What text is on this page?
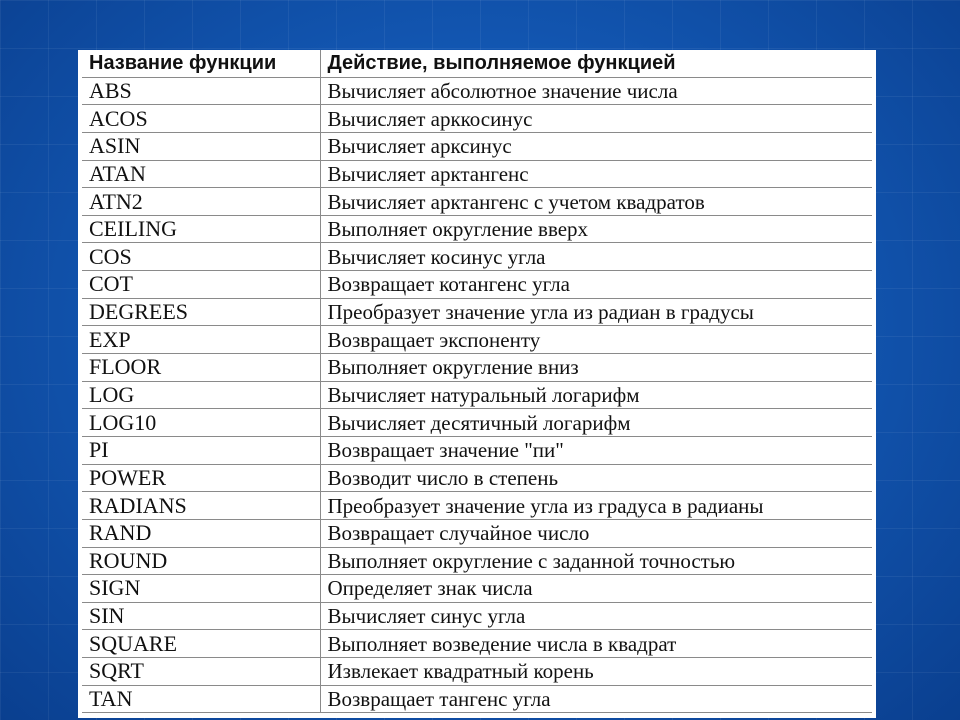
Название функции	Действие, выполняемое функцией
ABS	Вычисляет абсолютное значение числа
ACOS	Вычисляет арккосинус
ASIN	Вычисляет арксинус
ATAN	Вычисляет арктангенс
ATN2	Вычисляет арктангенс с учетом квадратов
CEILING	Выполняет округление вверх
COS	Вычисляет косинус угла
COT	Возвращает котангенс угла
DEGREES	Преобразует значение угла из радиан в градусы
EXP	Возвращает экспоненту
FLOOR	Выполняет округление вниз
LOG	Вычисляет натуральный логарифм
LOG10	Вычисляет десятичный логарифм
PI	Возвращает значение "пи"
POWER	Возводит число в степень
RADIANS	Преобразует значение угла из градуса в радианы
RAND	Возвращает случайное число
ROUND	Выполняет округление с заданной точностью
SIGN	Определяет знак числа
SIN	Вычисляет синус угла
SQUARE	Выполняет возведение числа в квадрат
SQRT	Извлекает квадратный корень
TAN	Возвращает тангенс угла
